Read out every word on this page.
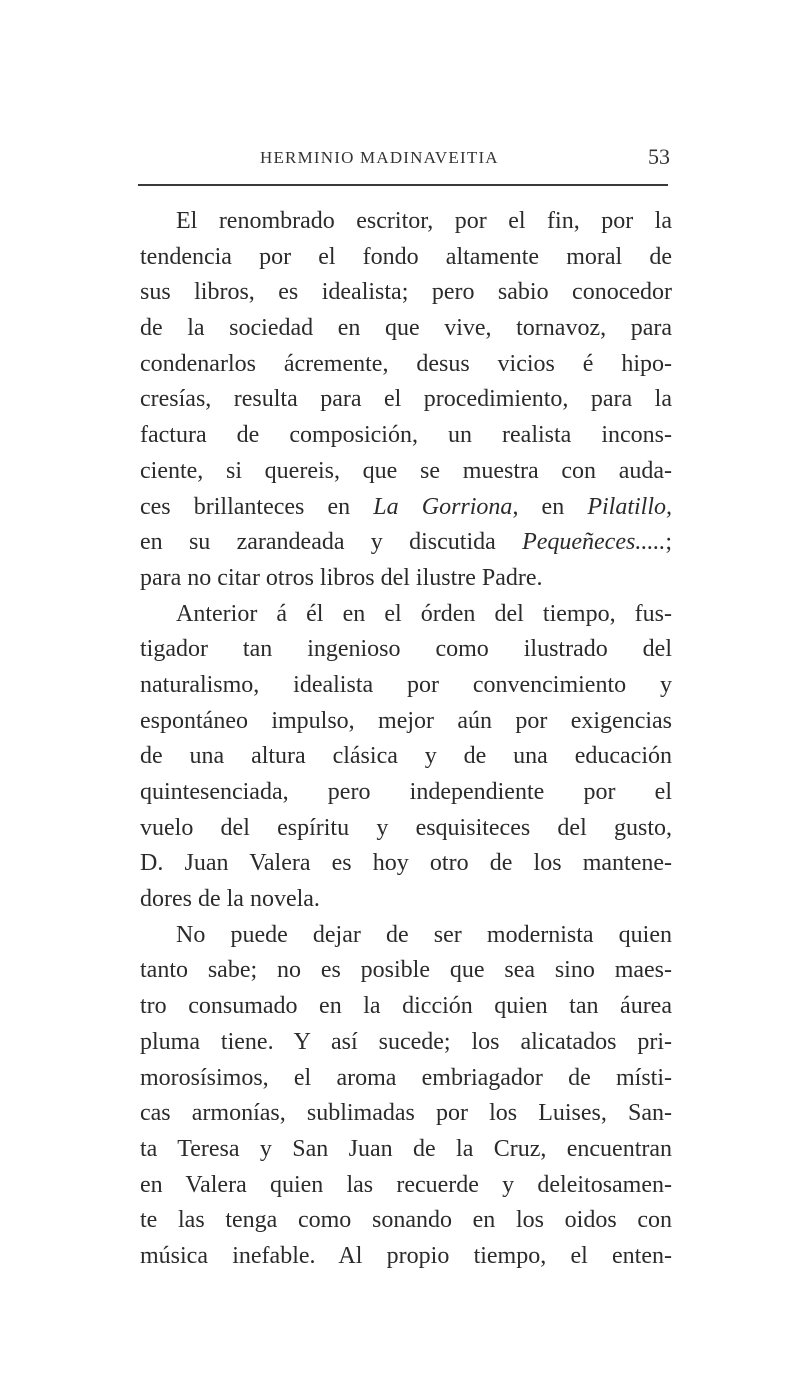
HERMINIO MADINAVEITIA	53
El renombrado escritor, por el fin, por la
tendencia por el fondo altamente moral de
sus libros, es idealista; pero sabio conocedor
de la sociedad en que vive, tornavoz, para
condenarlos ácremente, desus vicios é hipo-
cresías, resulta para el procedimiento, para la
factura de composición, un realista incons-
ciente, si quereis, que se muestra con auda-
ces brillanteces en La Gorriona, en Pilatillo,
en su zarandeada y discutida Pequeñeces.....;
para no citar otros libros del ilustre Padre.
Anterior á él en el órden del tiempo, fus-
tigador tan ingenioso como ilustrado del
naturalismo, idealista por convencimiento y
espontáneo impulso, mejor aún por exigencias
de una altura clásica y de una educación
quintesenciada, pero independiente por el
vuelo del espíritu y esquisiteces del gusto,
D. Juan Valera es hoy otro de los mantene-
dores de la novela.
No puede dejar de ser modernista quien
tanto sabe; no es posible que sea sino maes-
tro consumado en la dicción quien tan áurea
pluma tiene. Y así sucede; los alicatados pri-
morosísimos, el aroma embriagador de místi-
cas armonías, sublimadas por los Luises, San-
ta Teresa y San Juan de la Cruz, encuentran
en Valera quien las recuerde y deleitosamen-
te las tenga como sonando en los oidos con
música inefable. Al propio tiempo, el enten-
